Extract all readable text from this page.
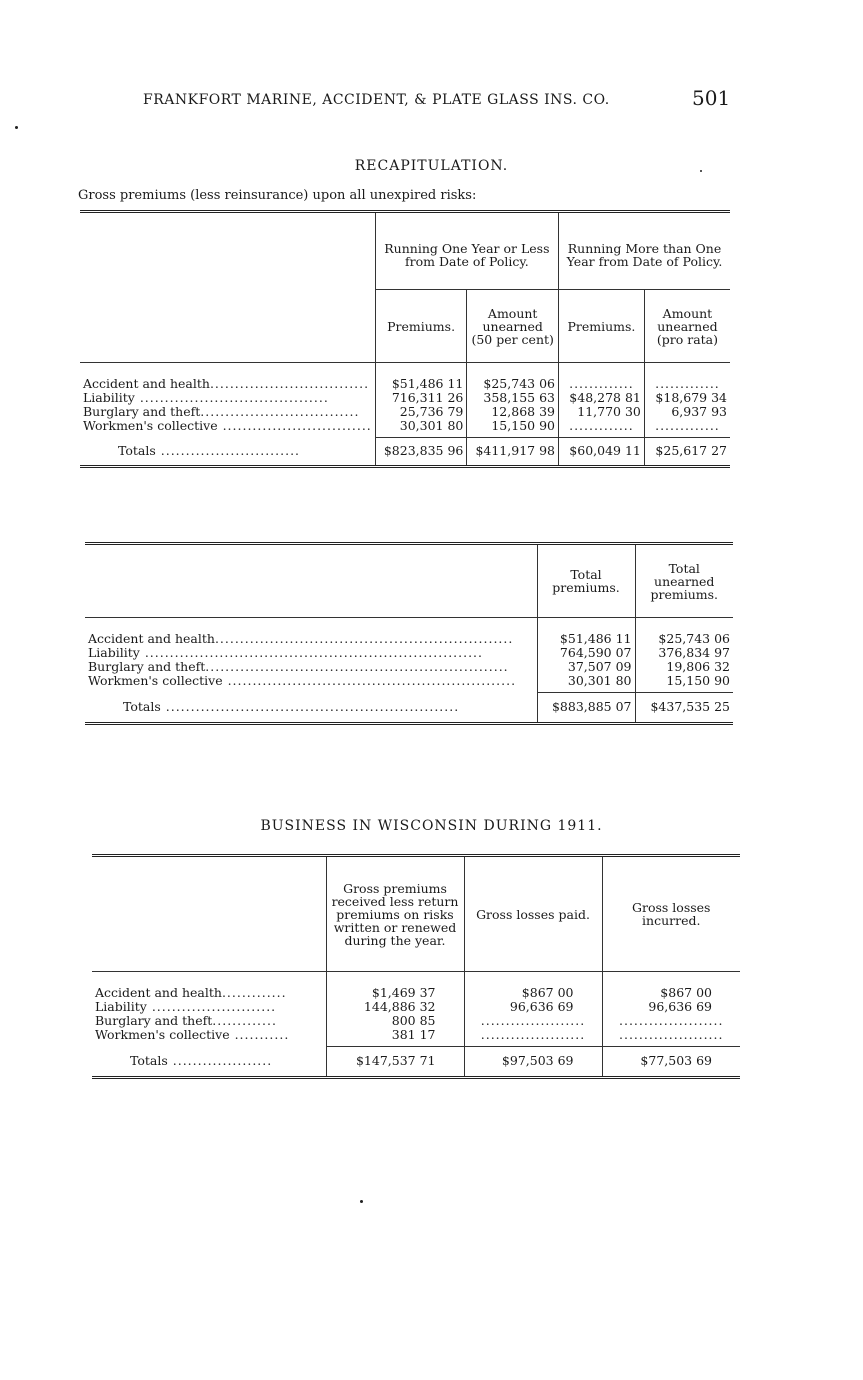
FRANKFORT MARINE, ACCIDENT, & PLATE GLASS INS. CO.	501
RECAPITULATION.
Gross premiums (less reinsurance) upon all unexpired risks:
	Running One Year or Less from Date of Policy.		Running More than One Year from Date of Policy.	
	Premiums.	Amount unearned (50 per cent)	Premiums.	Amount unearned (pro rata)

Accident and health................................	$51,486 11	$25,743 06	.............	.............
Liability ......................................	716,311 26	358,155 63	$48,278 81	$18,679 34
Burglary and theft................................	25,736 79	12,868 39	11,770 30	6,937 93
Workmen's collective ..............................	30,301 80	15,150 90	.............	.............

Totals ............................	$823,835 96	$411,917 98	$60,049 11	$25,617 27
	Total premiums.	Total unearned premiums.

Accident and health............................................................	$51,486 11	$25,743 06
Liability ....................................................................	764,590 07	376,834 97
Burglary and theft.............................................................	37,507 09	19,806 32
Workmen's collective ..........................................................	30,301 80	15,150 90

Totals ...........................................................	$883,885 07	$437,535 25
BUSINESS IN WISCONSIN DURING 1911.
	Gross premiums received less return premiums on risks written or renewed during the year.	Gross losses paid.	Gross losses incurred.

Accident and health.............	$1,469 37	$867 00	$867 00
Liability .........................	144,886 32	96,636 69	96,636 69
Burglary and theft.............	800 85	.....................	.....................
Workmen's collective ...........	381 17	.....................	.....................

Totals ....................	$147,537 71	$97,503 69	$77,503 69
